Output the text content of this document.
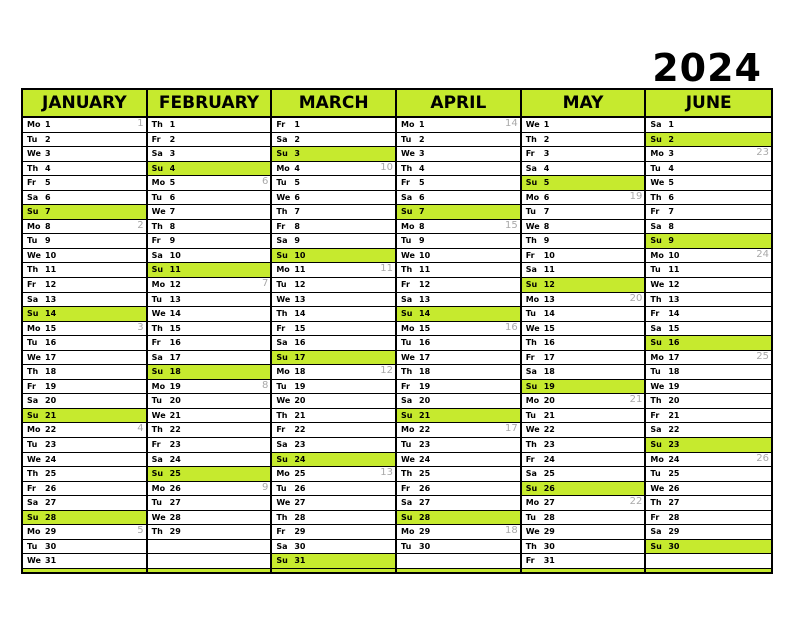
2024
JANUARY
Mo 1	1
Tu 2
We 3
Th 4
Fr 5
Sa 6
Su 7
Mo 8	2
Tu 9
We 10
Th 11
Fr 12
Sa 13
Su 14
Mo 15	3
Tu 16
We 17
Th 18
Fr 19
Sa 20
Su 21
Mo 22	4
Tu 23
We 24
Th 25
Fr 26
Sa 27
Su 28
Mo 29	5
Tu 30
We 31
FEBRUARY
Th 1
Fr 2
Sa 3
Su 4
Mo 5	6
Tu 6
We 7
Th 8
Fr 9
Sa 10
Su 11
Mo 12	7
Tu 13
We 14
Th 15
Fr 16
Sa 17
Su 18
Mo 19	8
Tu 20
We 21
Th 22
Fr 23
Sa 24
Su 25
Mo 26	9
Tu 27
We 28
Th 29
MARCH
Fr 1
Sa 2
Su 3
Mo 4	10
Tu 5
We 6
Th 7
Fr 8
Sa 9
Su 10
Mo 11	11
Tu 12
We 13
Th 14
Fr 15
Sa 16
Su 17
Mo 18	12
Tu 19
We 20
Th 21
Fr 22
Sa 23
Su 24
Mo 25	13
Tu 26
We 27
Th 28
Fr 29
Sa 30
Su 31
APRIL
Mo 1	14
Tu 2
We 3
Th 4
Fr 5
Sa 6
Su 7
Mo 8	15
Tu 9
We 10
Th 11
Fr 12
Sa 13
Su 14
Mo 15	16
Tu 16
We 17
Th 18
Fr 19
Sa 20
Su 21
Mo 22	17
Tu 23
We 24
Th 25
Fr 26
Sa 27
Su 28
Mo 29	18
Tu 30
MAY
We 1
Th 2
Fr 3
Sa 4
Su 5
Mo 6	19
Tu 7
We 8
Th 9
Fr 10
Sa 11
Su 12
Mo 13	20
Tu 14
We 15
Th 16
Fr 17
Sa 18
Su 19
Mo 20	21
Tu 21
We 22
Th 23
Fr 24
Sa 25
Su 26
Mo 27	22
Tu 28
We 29
Th 30
Fr 31
JUNE
Sa 1
Su 2
Mo 3	23
Tu 4
We 5
Th 6
Fr 7
Sa 8
Su 9
Mo 10	24
Tu 11
We 12
Th 13
Fr 14
Sa 15
Su 16
Mo 17	25
Tu 18
We 19
Th 20
Fr 21
Sa 22
Su 23
Mo 24	26
Tu 25
We 26
Th 27
Fr 28
Sa 29
Su 30
